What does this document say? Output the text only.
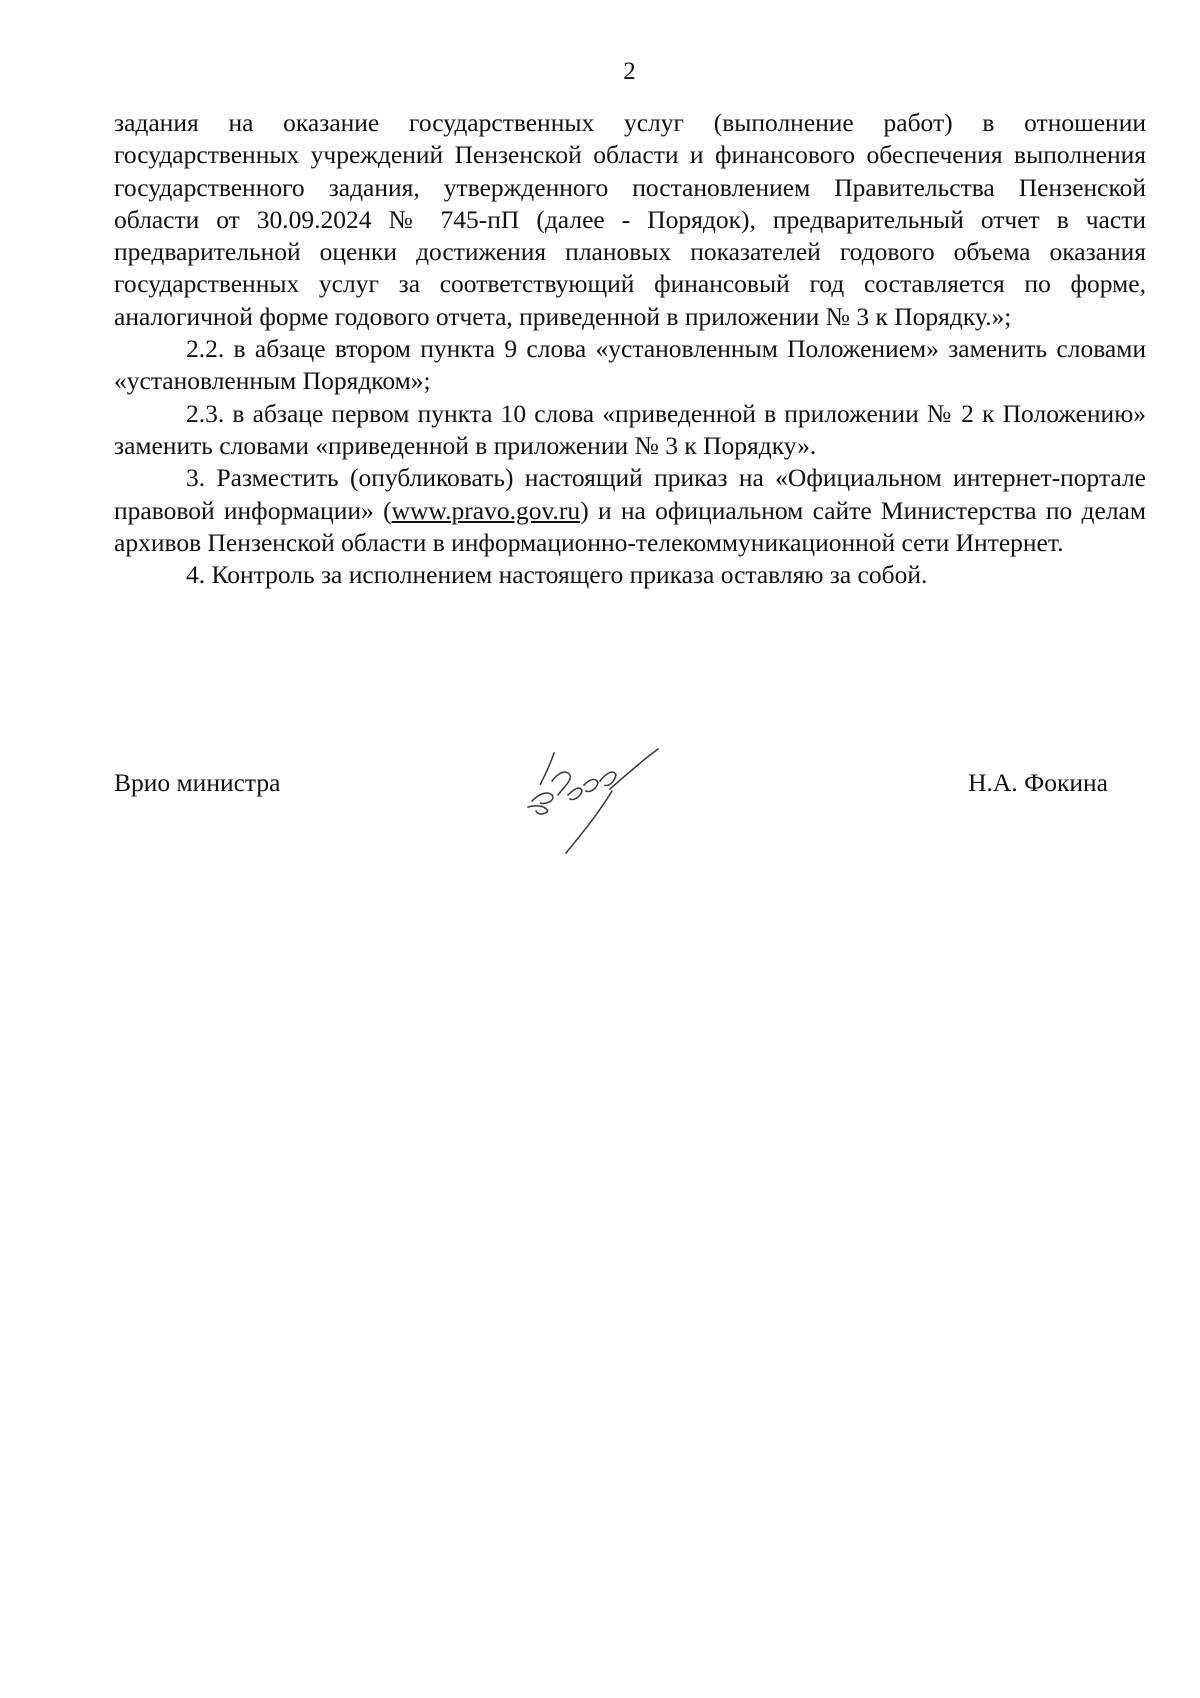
2

задания на оказание государственных услуг (выполнение работ) в отношении государственных учреждений Пензенской области и финансового обеспечения выполнения государственного задания, утвержденного постановлением Правительства Пензенской области от 30.09.2024 № 745-пП (далее - Порядок), предварительный отчет в части предварительной оценки достижения плановых показателей годового объема оказания государственных услуг за соответствующий финансовый год составляется по форме, аналогичной форме годового отчета, приведенной в приложении № 3 к Порядку.»;

2.2. в абзаце втором пункта 9 слова «установленным Положением» заменить словами «установленным Порядком»;

2.3. в абзаце первом пункта 10 слова «приведенной в приложении № 2 к Положению» заменить словами «приведенной в приложении № 3 к Порядку».

3. Разместить (опубликовать) настоящий приказ на «Официальном интернет-портале правовой информации» (www.pravo.gov.ru) и на официальном сайте Министерства по делам архивов Пензенской области в информационно-телекоммуникационной сети Интернет.

4. Контроль за исполнением настоящего приказа оставляю за собой.

Врио министра	Н.А. Фокина
